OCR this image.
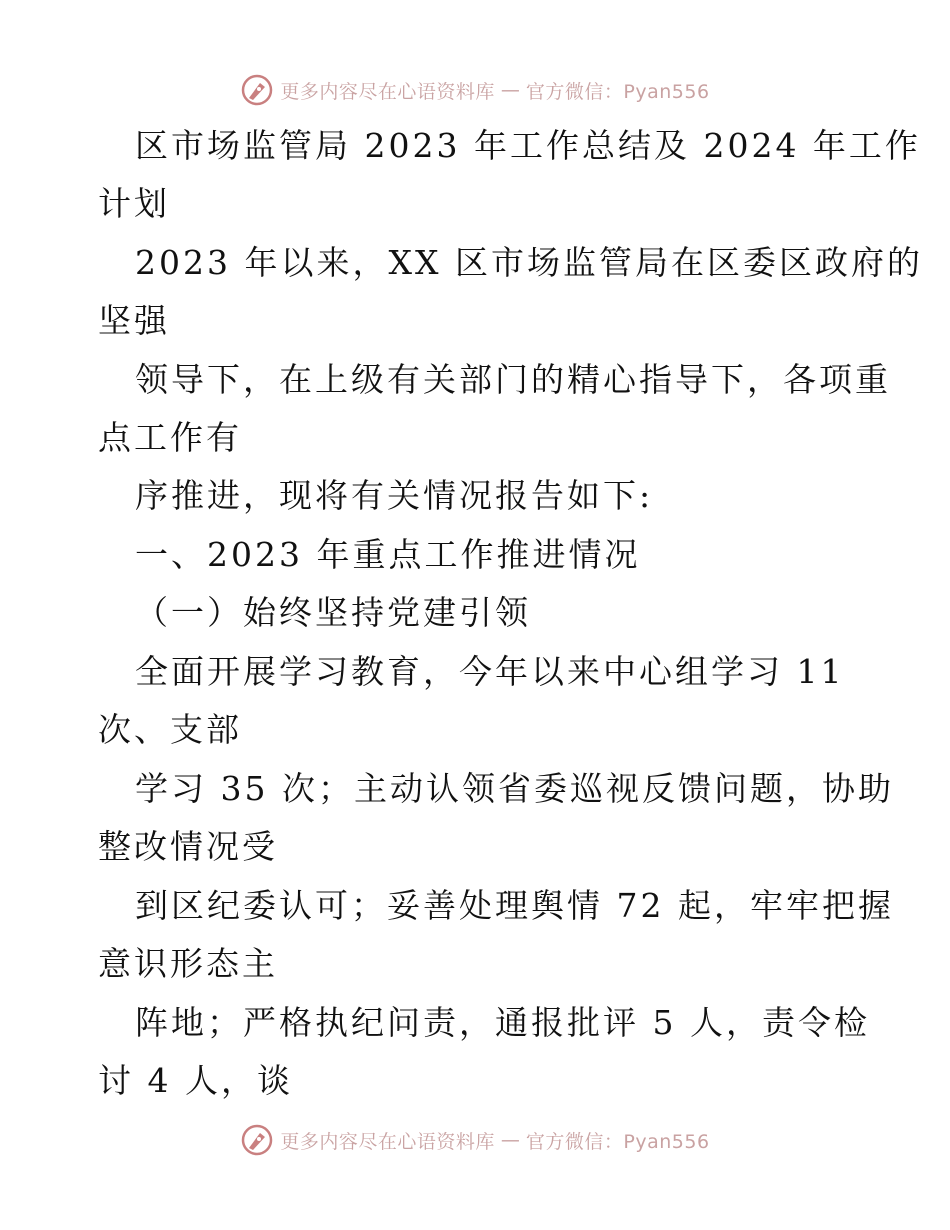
更多内容尽在心语资料库 — 官方微信：Pyan556
区市场监管局 2023 年工作总结及 2024 年工作
计划
2023 年以来，XX 区市场监管局在区委区政府的
坚强
领导下，在上级有关部门的精心指导下，各项重
点工作有
序推进，现将有关情况报告如下:
一、2023 年重点工作推进情况
（一）始终坚持党建引领
全面开展学习教育，今年以来中心组学习 11
次、支部
学习 35 次；主动认领省委巡视反馈问题，协助
整改情况受
到区纪委认可；妥善处理舆情 72 起，牢牢把握
意识形态主
阵地；严格执纪问责，通报批评 5 人，责令检
讨 4 人，谈
更多内容尽在心语资料库 — 官方微信：Pyan556
